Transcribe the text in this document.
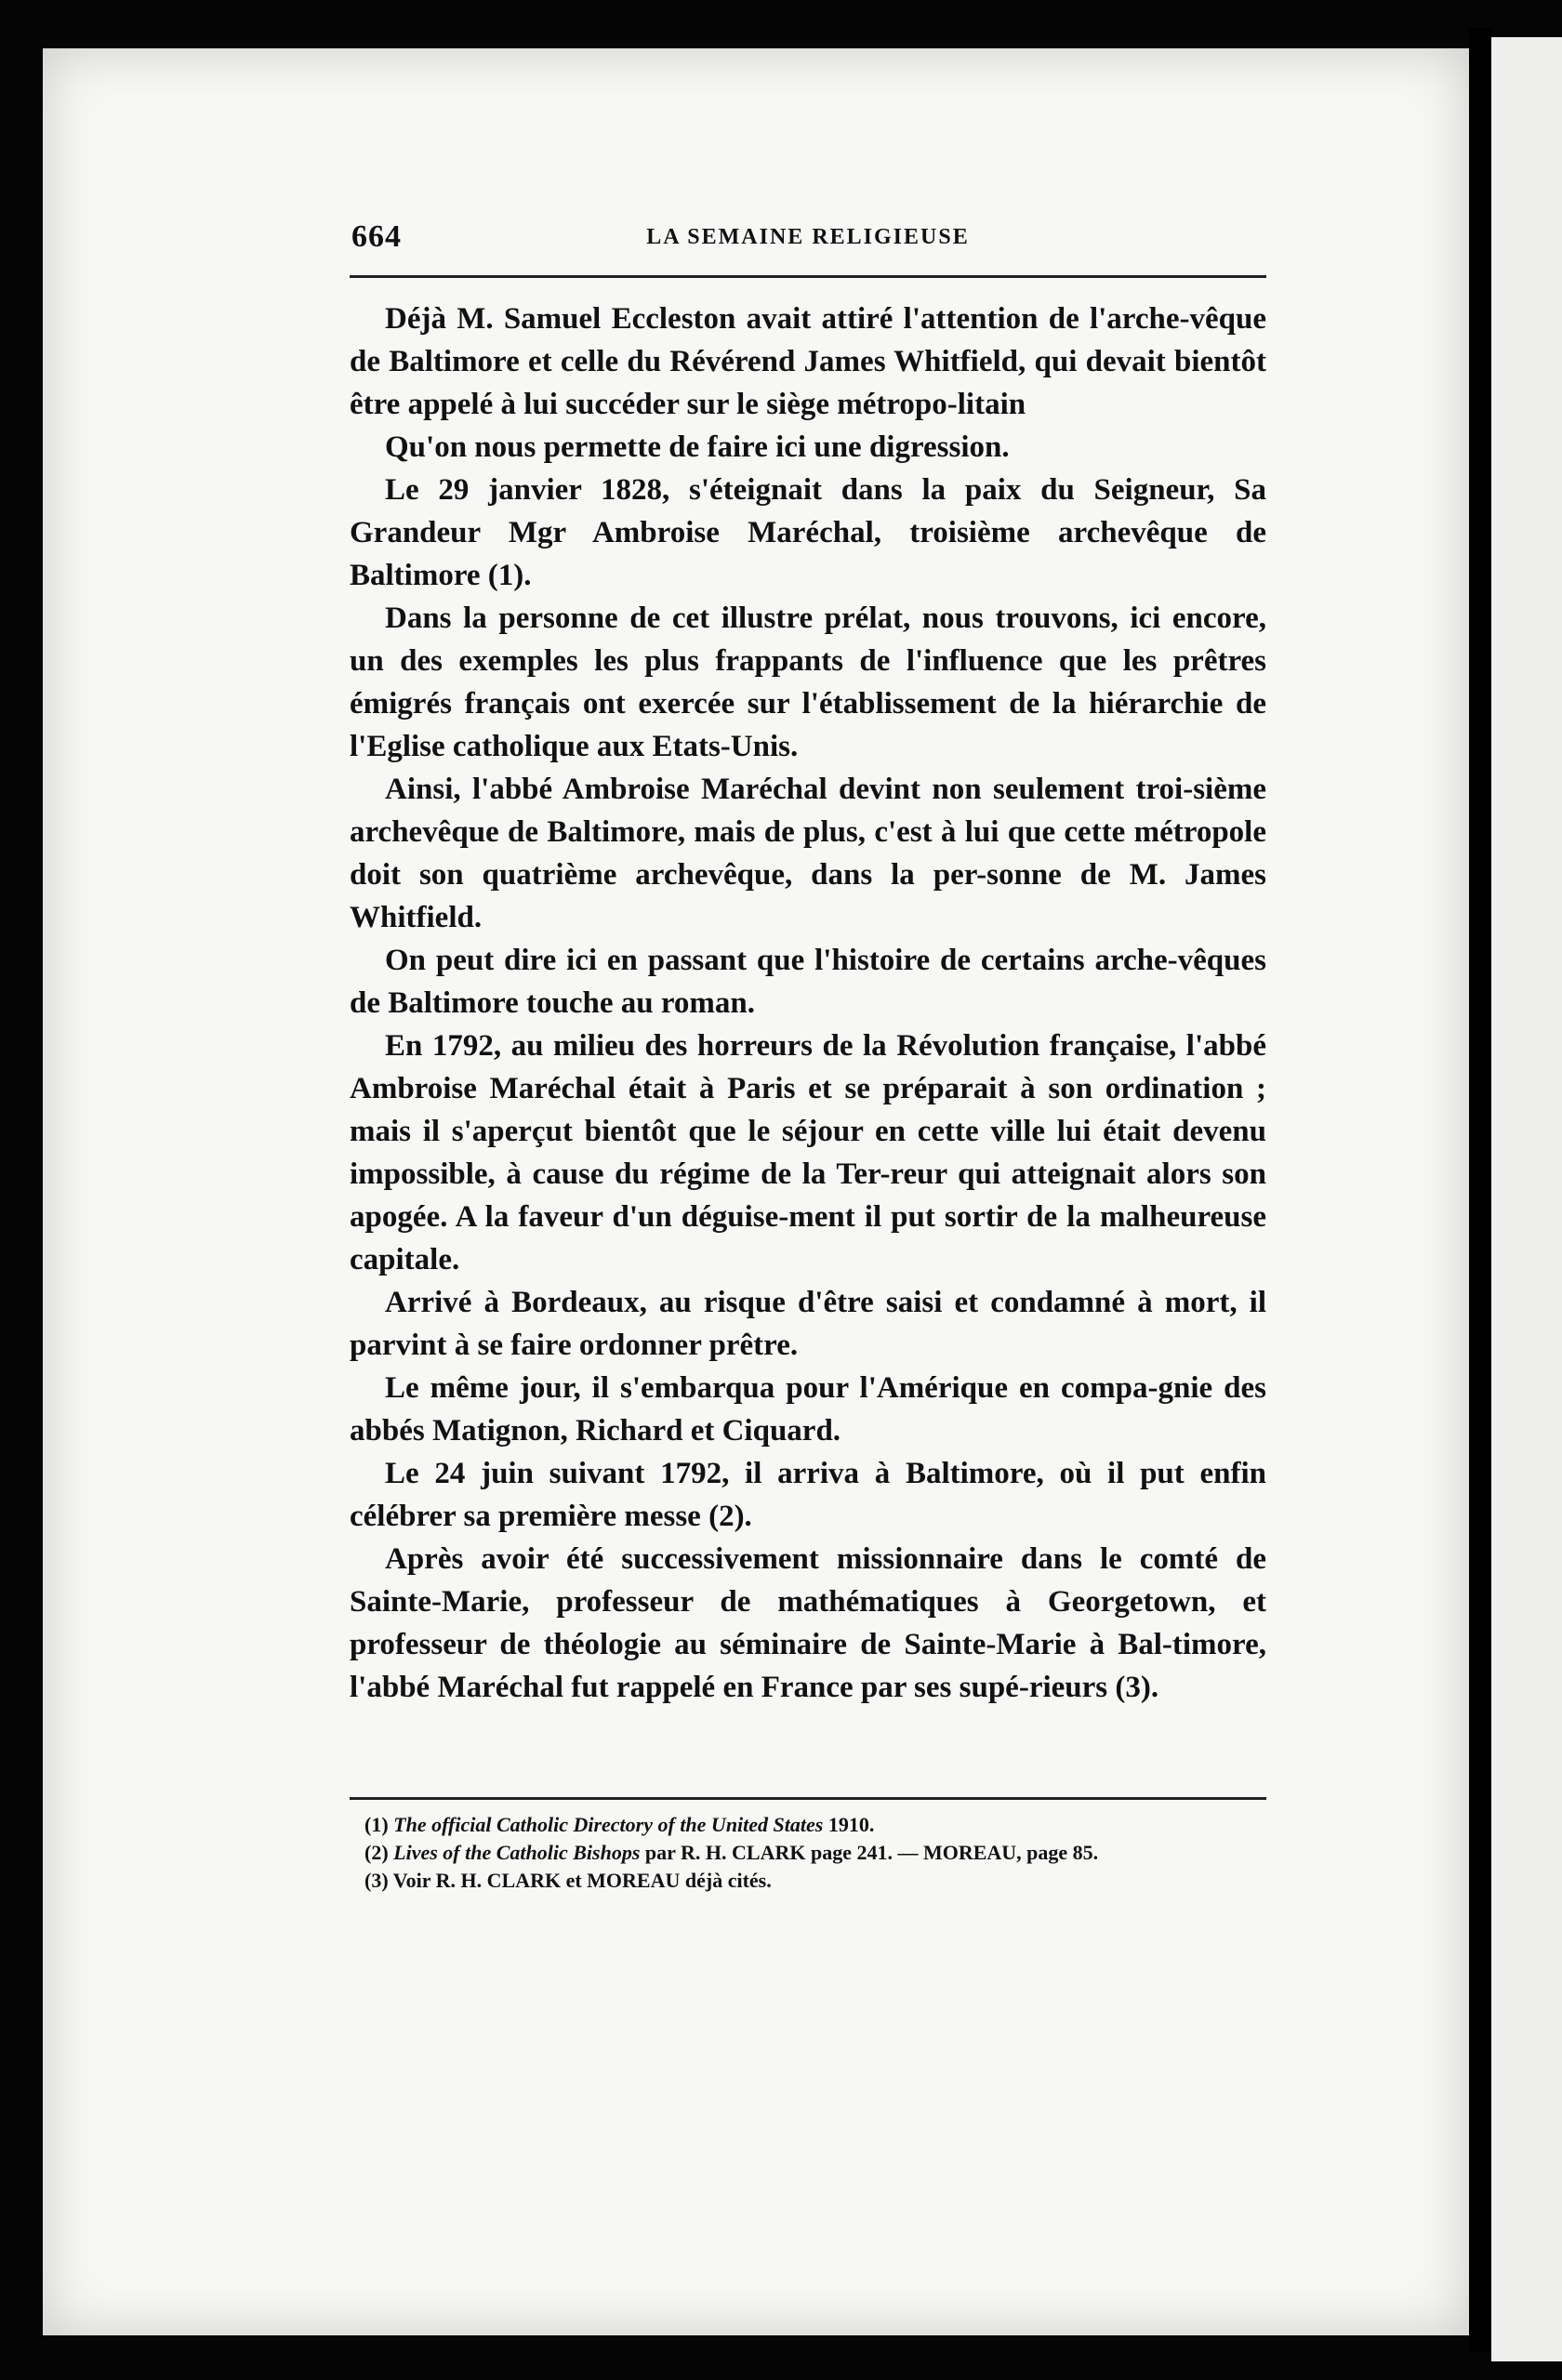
664	LA SEMAINE RELIGIEUSE

Déjà M. Samuel Eccleston avait attiré l'attention de l'arche-vêque de Baltimore et celle du Révérend James Whitfield, qui devait bientôt être appelé à lui succéder sur le siège métropo-litain

Qu'on nous permette de faire ici une digression.

Le 29 janvier 1828, s'éteignait dans la paix du Seigneur, Sa Grandeur Mgr Ambroise Maréchal, troisième archevêque de Baltimore (1).

Dans la personne de cet illustre prélat, nous trouvons, ici encore, un des exemples les plus frappants de l'influence que les prêtres émigrés français ont exercée sur l'établissement de la hiérarchie de l'Eglise catholique aux Etats-Unis.

Ainsi, l'abbé Ambroise Maréchal devint non seulement troi-sième archevêque de Baltimore, mais de plus, c'est à lui que cette métropole doit son quatrième archevêque, dans la per-sonne de M. James Whitfield.

On peut dire ici en passant que l'histoire de certains arche-vêques de Baltimore touche au roman.

En 1792, au milieu des horreurs de la Révolution française, l'abbé Ambroise Maréchal était à Paris et se préparait à son ordination ; mais il s'aperçut bientôt que le séjour en cette ville lui était devenu impossible, à cause du régime de la Ter-reur qui atteignait alors son apogée. A la faveur d'un déguise-ment il put sortir de la malheureuse capitale.

Arrivé à Bordeaux, au risque d'être saisi et condamné à mort, il parvint à se faire ordonner prêtre.

Le même jour, il s'embarqua pour l'Amérique en compa-gnie des abbés Matignon, Richard et Ciquard.

Le 24 juin suivant 1792, il arriva à Baltimore, où il put enfin célébrer sa première messe (2).

Après avoir été successivement missionnaire dans le comté de Sainte-Marie, professeur de mathématiques à Georgetown, et professeur de théologie au séminaire de Sainte-Marie à Bal-timore, l'abbé Maréchal fut rappelé en France par ses supé-rieurs (3).

(1) The official Catholic Directory of the United States 1910.

(2) Lives of the Catholic Bishops par R. H. CLARK page 241. — MOREAU, page 85.

(3) Voir R. H. CLARK et MOREAU déjà cités.
